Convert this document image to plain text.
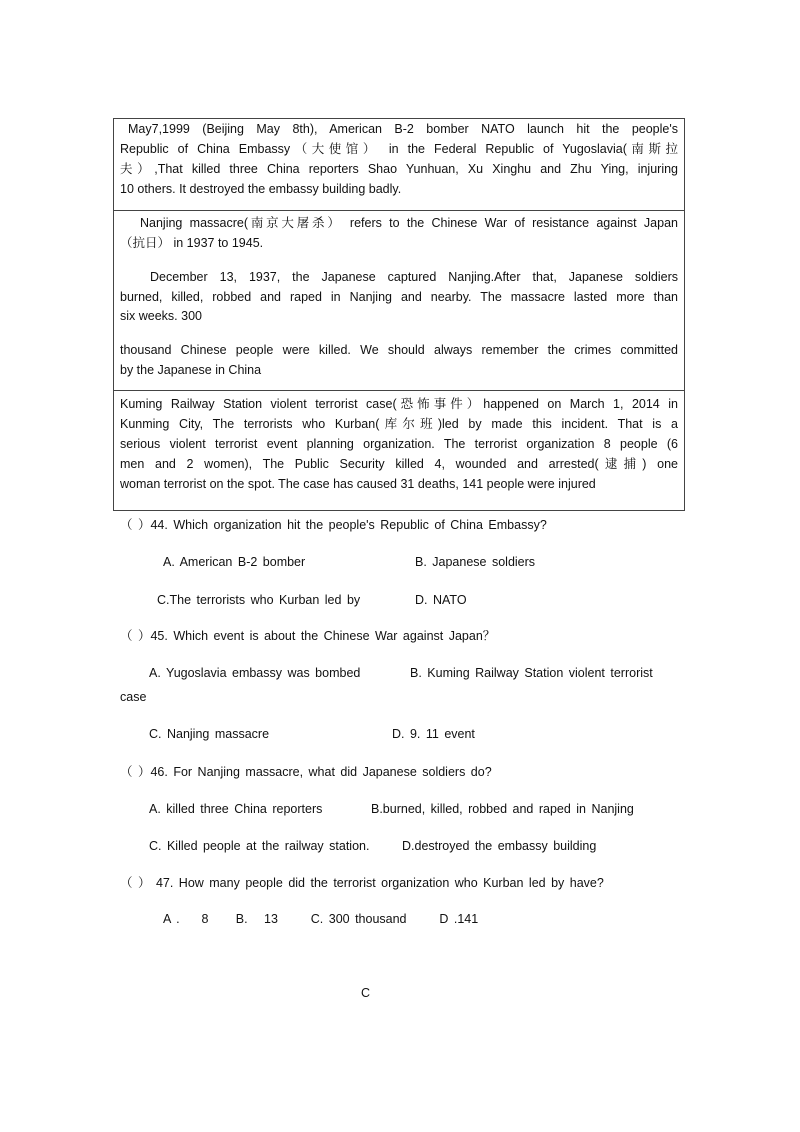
May7,1999 (Beijing May 8th), American B-2 bomber NATO launch hit the people's
Republic of China Embassy（大使馆） in the Federal Republic of Yugoslavia(南斯拉
夫）,That killed three China reporters Shao Yunhuan, Xu Xinghu and Zhu Ying, injuring
10 others. It destroyed the embassy building badly.
Nanjing massacre(南京大屠杀） refers to the Chinese War of resistance against Japan
（抗日） in 1937 to 1945.
December 13, 1937, the Japanese captured Nanjing.After that, Japanese soldiers
burned, killed, robbed and raped in Nanjing and nearby. The massacre lasted more than
six weeks. 300
thousand Chinese people were killed. We should always remember the crimes committed
by the Japanese in China
Kuming Railway Station violent terrorist case(恐怖事件）happened on March 1, 2014 in
Kunming City, The terrorists who Kurban(库尔班)led by made this incident. That is a
serious violent terrorist event planning organization. The terrorist organization 8 people (6
men and 2 women), The Public Security killed 4, wounded and arrested(逮捕) one
woman terrorist on the spot. The case has caused 31 deaths, 141 people were injured
（ ）44. Which organization hit the people's Republic of China Embassy?
A. American B-2 bomber	B. Japanese soldiers
C.The terrorists who Kurban led by	D. NATO
（ ）45. Which event is about the Chinese War against Japan？
A. Yugoslavia embassy was bombed	B. Kuming Railway Station violent terrorist
case
C. Nanjing massacre	D. 9. 11 event
（ ）46. For Nanjing massacre, what did Japanese soldiers do?
A. killed three China reporters	B.burned, killed, robbed and raped in Nanjing
C. Killed people at the railway station.	D.destroyed the embassy building
（ ） 47. How many people did the terrorist organization who Kurban led by have?
A .    8     B.   13      C. 300 thousand      D .141
C
